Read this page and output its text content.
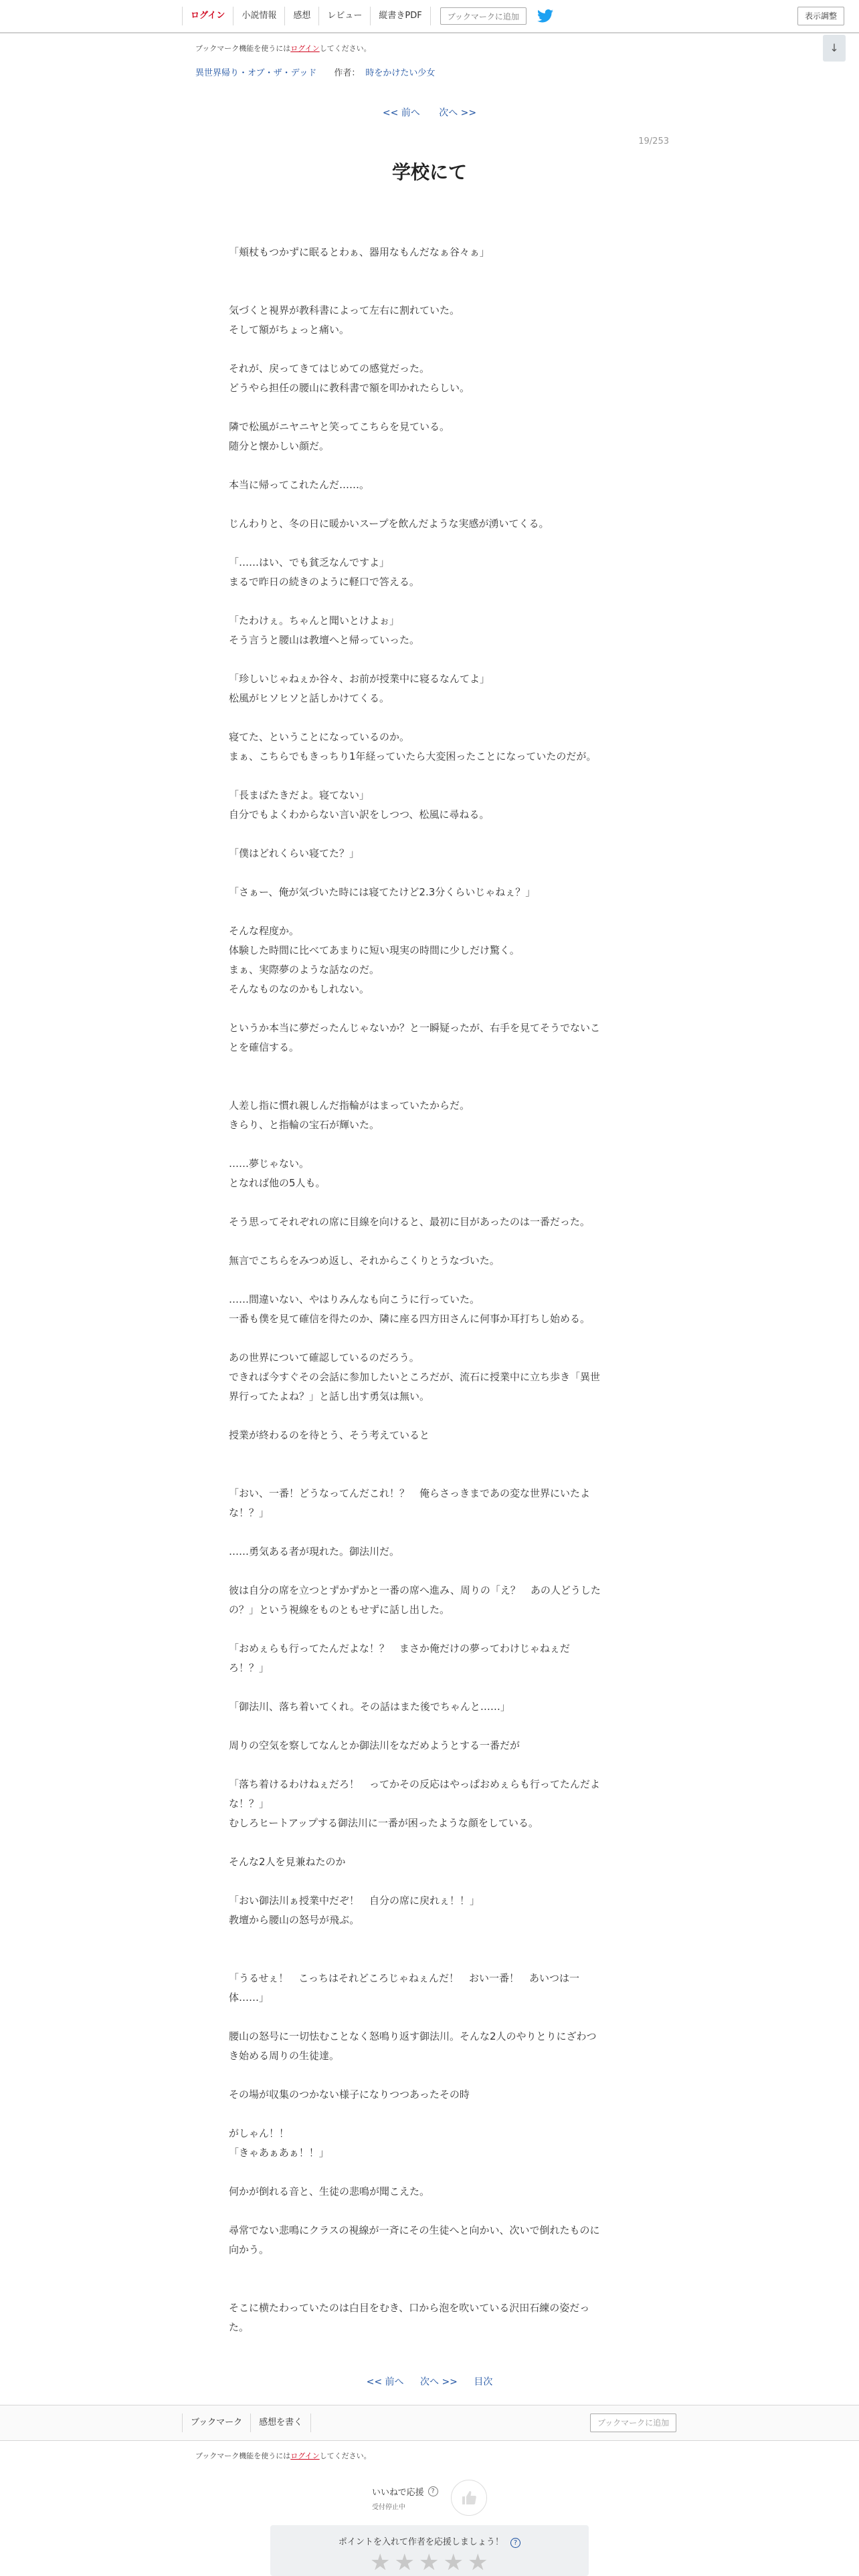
ログイン	小説情報	感想	レビュー	縦書きPDF	ブックマークに追加	表示調整
ブックマーク機能を使うにはログインしてください。	↓
異世界帰り・オブ・ザ・デッド 作者： 時をかけたい少女
<< 前へ 次へ >>
19/253
学校にて

「頬杖もつかずに眠るとわぁ、器用なもんだなぁ谷々ぁ」

気づくと視界が教科書によって左右に割れていた。

そして額がちょっと痛い。

それが、戻ってきてはじめての感覚だった。

どうやら担任の腰山に教科書で額を叩かれたらしい。

隣で松風がニヤニヤと笑ってこちらを見ている。

随分と懐かしい顔だ。

本当に帰ってこれたんだ……。

じんわりと、冬の日に暖かいスープを飲んだような実感が湧いてくる。

「……はい、でも貧乏なんですよ」

まるで昨日の続きのように軽口で答える。

「たわけぇ。ちゃんと聞いとけよぉ」

そう言うと腰山は教壇へと帰っていった。

「珍しいじゃねぇか谷々、お前が授業中に寝るなんてよ」

松風がヒソヒソと話しかけてくる。

寝てた、ということになっているのか。

まぁ、こちらでもきっちり1年経っていたら大変困ったことになっていたのだが。

「長まばたきだよ。寝てない」

自分でもよくわからない言い訳をしつつ、松風に尋ねる。

「僕はどれくらい寝てた？」

「さぁー、俺が気づいた時には寝てたけど2.3分くらいじゃねぇ？」

そんな程度か。

体験した時間に比べてあまりに短い現実の時間に少しだけ驚く。

まぁ、実際夢のような話なのだ。

そんなものなのかもしれない。

というか本当に夢だったんじゃないか？と一瞬疑ったが、右手を見てそうでないこ

とを確信する。

人差し指に慣れ親しんだ指輪がはまっていたからだ。

きらり、と指輪の宝石が輝いた。

……夢じゃない。

となれば他の5人も。

そう思ってそれぞれの席に目線を向けると、最初に目があったのは一番だった。

無言でこちらをみつめ返し、それからこくりとうなづいた。

……間違いない、やはりみんなも向こうに行っていた。

一番も僕を見て確信を得たのか、隣に座る四方田さんに何事か耳打ちし始める。

あの世界について確認しているのだろう。

できれば今すぐその会話に参加したいところだが、流石に授業中に立ち歩き「異世

界行ってたよね？」と話し出す勇気は無い。

授業が終わるのを待とう、そう考えていると

「おい、一番！どうなってんだこれ！？　俺らさっきまであの変な世界にいたよ

な！？」

……勇気ある者が現れた。御法川だ。

彼は自分の席を立つとずかずかと一番の席へ進み、周りの「え？　あの人どうした

の？」という視線をものともせずに話し出した。

「おめぇらも行ってたんだよな！？　まさか俺だけの夢ってわけじゃねぇだ

ろ！？」

「御法川、落ち着いてくれ。その話はまた後でちゃんと……」

周りの空気を察してなんとか御法川をなだめようとする一番だが

「落ち着けるわけねぇだろ！　ってかその反応はやっぱおめぇらも行ってたんだよ

な！？」

むしろヒートアップする御法川に一番が困ったような顔をしている。

そんな2人を見兼ねたのか

「おい御法川ぁ授業中だぞ！　自分の席に戻れぇ！！」

教壇から腰山の怒号が飛ぶ。

「うるせぇ！　こっちはそれどころじゃねぇんだ！　おい一番！　あいつは一

体……」

腰山の怒号に一切怯むことなく怒鳴り返す御法川。そんな2人のやりとりにざわつ

き始める周りの生徒達。

その場が収集のつかない様子になりつつあったその時

がしゃん！！

「きゃあぁあぁ！！」

何かが倒れる音と、生徒の悲鳴が聞こえた。

尋常でない悲鳴にクラスの視線が一斉にその生徒へと向かい、次いで倒れたものに

向かう。

そこに横たわっていたのは白目をむき、口から泡を吹いている沢田石練の姿だっ

た。

<< 前へ 次へ >> 目次
ブックマーク	感想を書く	ブックマークに追加
ブックマーク機能を使うにはログインしてください。
いいねで応援	?
受付停止中
ポイントを入れて作者を応援しましょう！ ?
★ ★ ★ ★ ★
